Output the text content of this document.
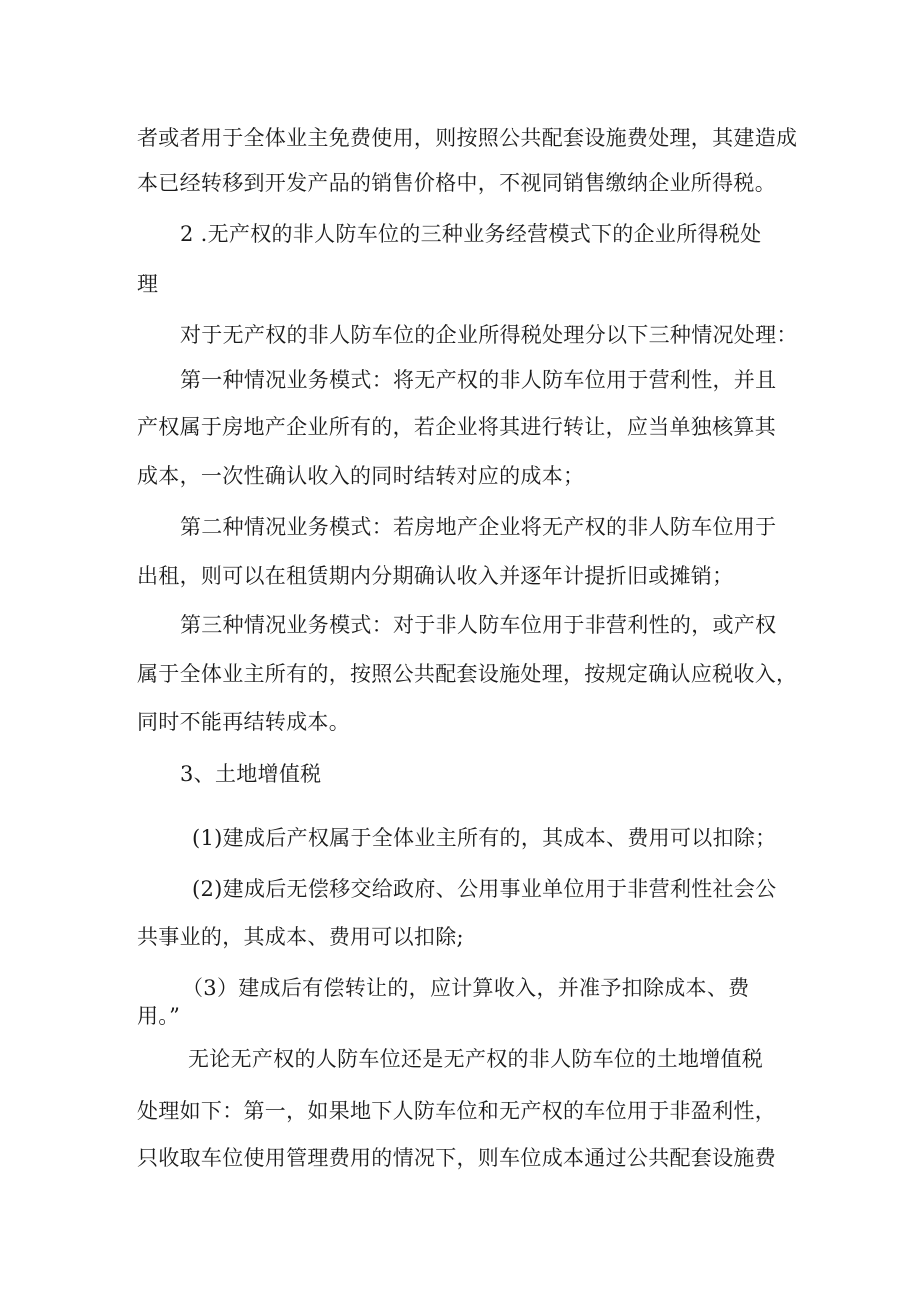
者或者用于全体业主免费使用，则按照公共配套设施费处理，其建造成
本已经转移到开发产品的销售价格中，不视同销售缴纳企业所得税。
2 .无产权的非人防车位的三种业务经营模式下的企业所得税处
理
对于无产权的非人防车位的企业所得税处理分以下三种情况处理：
第一种情况业务模式：将无产权的非人防车位用于营利性，并且
产权属于房地产企业所有的，若企业将其进行转让，应当单独核算其
成本，一次性确认收入的同时结转对应的成本；
第二种情况业务模式：若房地产企业将无产权的非人防车位用于
出租，则可以在租赁期内分期确认收入并逐年计提折旧或摊销；
第三种情况业务模式：对于非人防车位用于非营利性的，或产权
属于全体业主所有的，按照公共配套设施处理，按规定确认应税收入，
同时不能再结转成本。
3、土地增值税
(1)建成后产权属于全体业主所有的，其成本、费用可以扣除；
(2)建成后无偿移交给政府、公用事业单位用于非营利性社会公
共事业的，其成本、费用可以扣除;
（3）建成后有偿转让的，应计算收入，并准予扣除成本、费
用。”
无论无产权的人防车位还是无产权的非人防车位的土地增值税
处理如下：第一，如果地下人防车位和无产权的车位用于非盈利性，
只收取车位使用管理费用的情况下，则车位成本通过公共配套设施费
